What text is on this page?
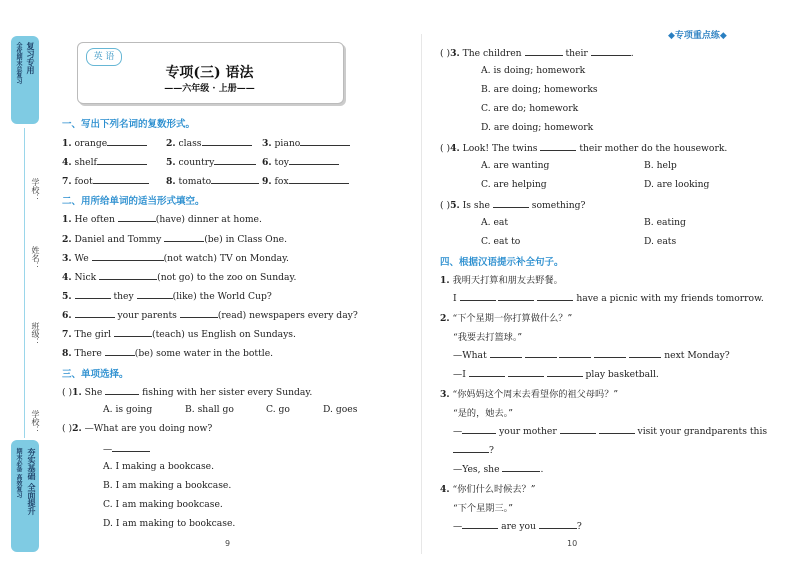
复习专用
全优期末总复习
学校：
姓名：
班级：
学校：
夯实基础 全面提升
期末必备 高效复习
◆专项重点练◆
英 语
专项(三) 语法
——六年级 · 上册——
一、写出下列名词的复数形式。
1. orange	2. class	3. piano
4. shelf	5. country	6. toy
7. foot	8. tomato	9. fox
二、用所给单词的适当形式填空。
1. He often	(have) dinner at home.
2. Daniel and Tommy	(be) in Class One.
3. We	(not watch) TV on Monday.
4. Nick	(not go) to the zoo on Sunday.
5.	they	(like) the World Cup?
6.	your parents	(read) newspapers every day?
7. The girl	(teach) us English on Sundays.
8. There	(be) some water in the bottle.
三、单项选择。
( )1. She	fishing with her sister every Sunday.
A. is going	B. shall go	C. go	D. goes
( )2. —What are you doing now?
—
A. I making a bookcase.
B. I am making a bookcase.
C. I am making bookcase.
D. I am making to bookcase.
9
( )3. The children	their	.
A. is doing; homework
B. are doing; homeworks
C. are do; homework
D. are doing; homework
( )4. Look! The twins	their mother do the housework.
A. are wanting	B. help
C. are helping	D. are looking
( )5. Is she	something?
A. eat	B. eating
C. eat to	D. eats
四、根据汉语提示补全句子。
1. 我明天打算和朋友去野餐。
I	have a picnic with my friends tomorrow.
2. “下个星期一你打算做什么？”
“我要去打篮球。”
—What	next Monday?
—I	play basketball.
3. “你妈妈这个周末去看望你的祖父母吗？”
“是的，她去。”
—	your mother	visit your grandparents this
?
—Yes, she	.
4. “你们什么时候去？”
“下个星期三。”
—	are you	?
10
